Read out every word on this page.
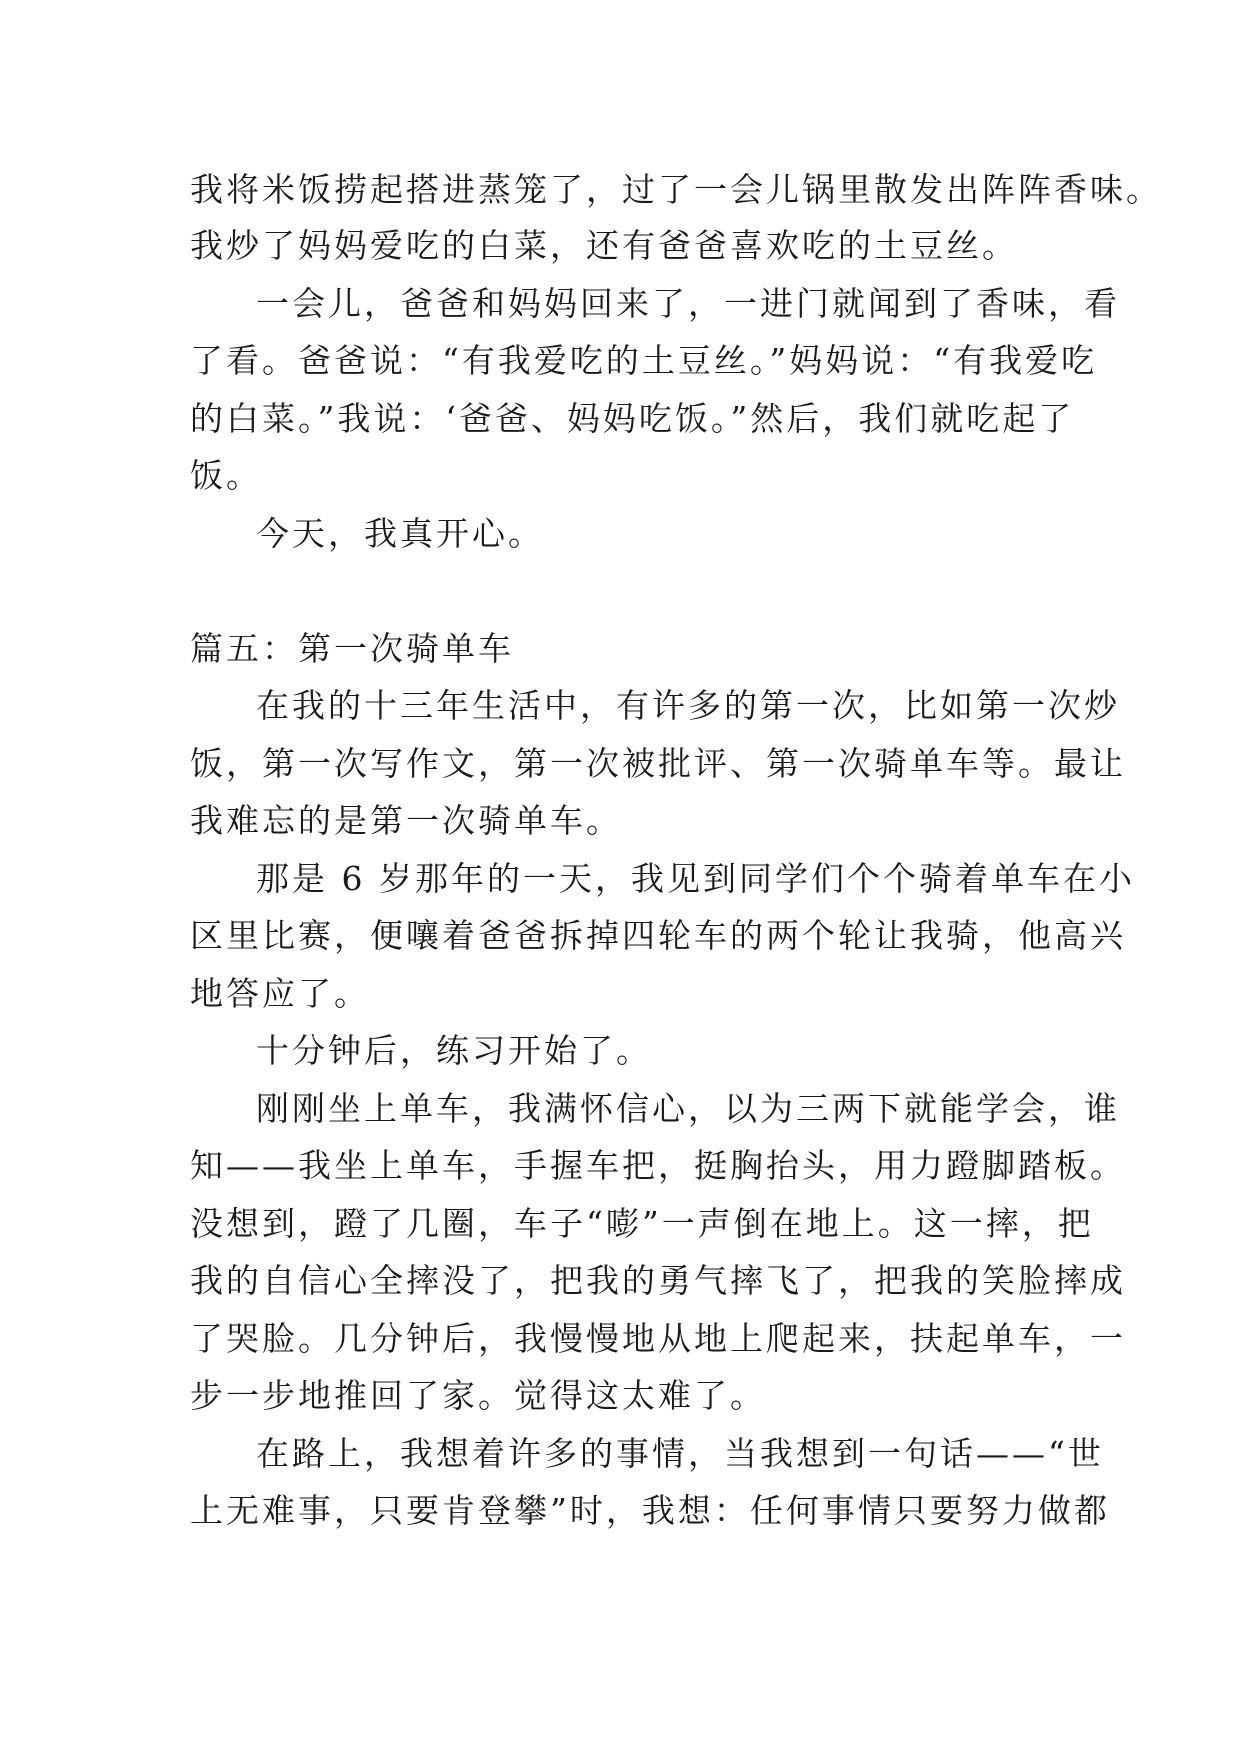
我将米饭捞起搭进蒸笼了，过了一会儿锅里散发出阵阵香味。
我炒了妈妈爱吃的白菜，还有爸爸喜欢吃的土豆丝。
一会儿，爸爸和妈妈回来了，一进门就闻到了香味，看
了看。爸爸说：“有我爱吃的土豆丝。”妈妈说：“有我爱吃
的白菜。”我说：‘爸爸、妈妈吃饭。”然后，我们就吃起了
饭。
今天，我真开心。
篇五：第一次骑单车
在我的十三年生活中，有许多的第一次，比如第一次炒
饭，第一次写作文，第一次被批评、第一次骑单车等。最让
我难忘的是第一次骑单车。
那是 6 岁那年的一天，我见到同学们个个骑着单车在小
区里比赛，便嚷着爸爸拆掉四轮车的两个轮让我骑，他高兴
地答应了。
十分钟后，练习开始了。
刚刚坐上单车，我满怀信心，以为三两下就能学会，谁
知——我坐上单车，手握车把，挺胸抬头，用力蹬脚踏板。
没想到，蹬了几圈，车子“嘭”一声倒在地上。这一摔，把
我的自信心全摔没了，把我的勇气摔飞了，把我的笑脸摔成
了哭脸。几分钟后，我慢慢地从地上爬起来，扶起单车，一
步一步地推回了家。觉得这太难了。
在路上，我想着许多的事情，当我想到一句话——“世
上无难事，只要肯登攀”时，我想：任何事情只要努力做都
